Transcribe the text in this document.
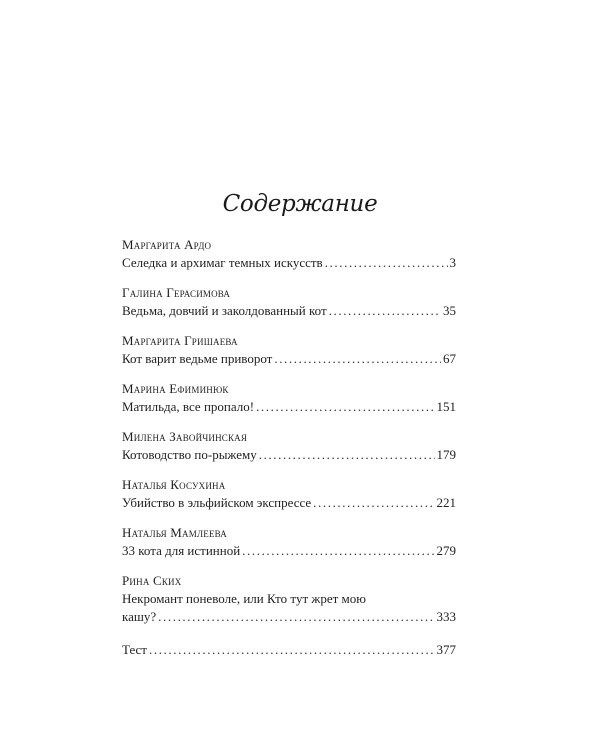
Содержание
Маргарита Ардо
Селедка и архимаг темных искусств .....	3
Галина Герасимова
Ведьма, довчий и заколдованный кот .....	35
Маргарита Гришаева
Кот варит ведьме приворот .....	67
Марина Ефиминюк
Матильда, все пропало! .....	151
Милена Завойчинская
Котоводство по-рыжему .....	179
Наталья Косухина
Убийство в эльфийском экспрессе .....	221
Наталья Мамлеева
33 кота для истинной .....	279
Рина Ских
Некромант поневоле, или Кто тут жрет мою
кашу? .....	333
Тест .....	377
